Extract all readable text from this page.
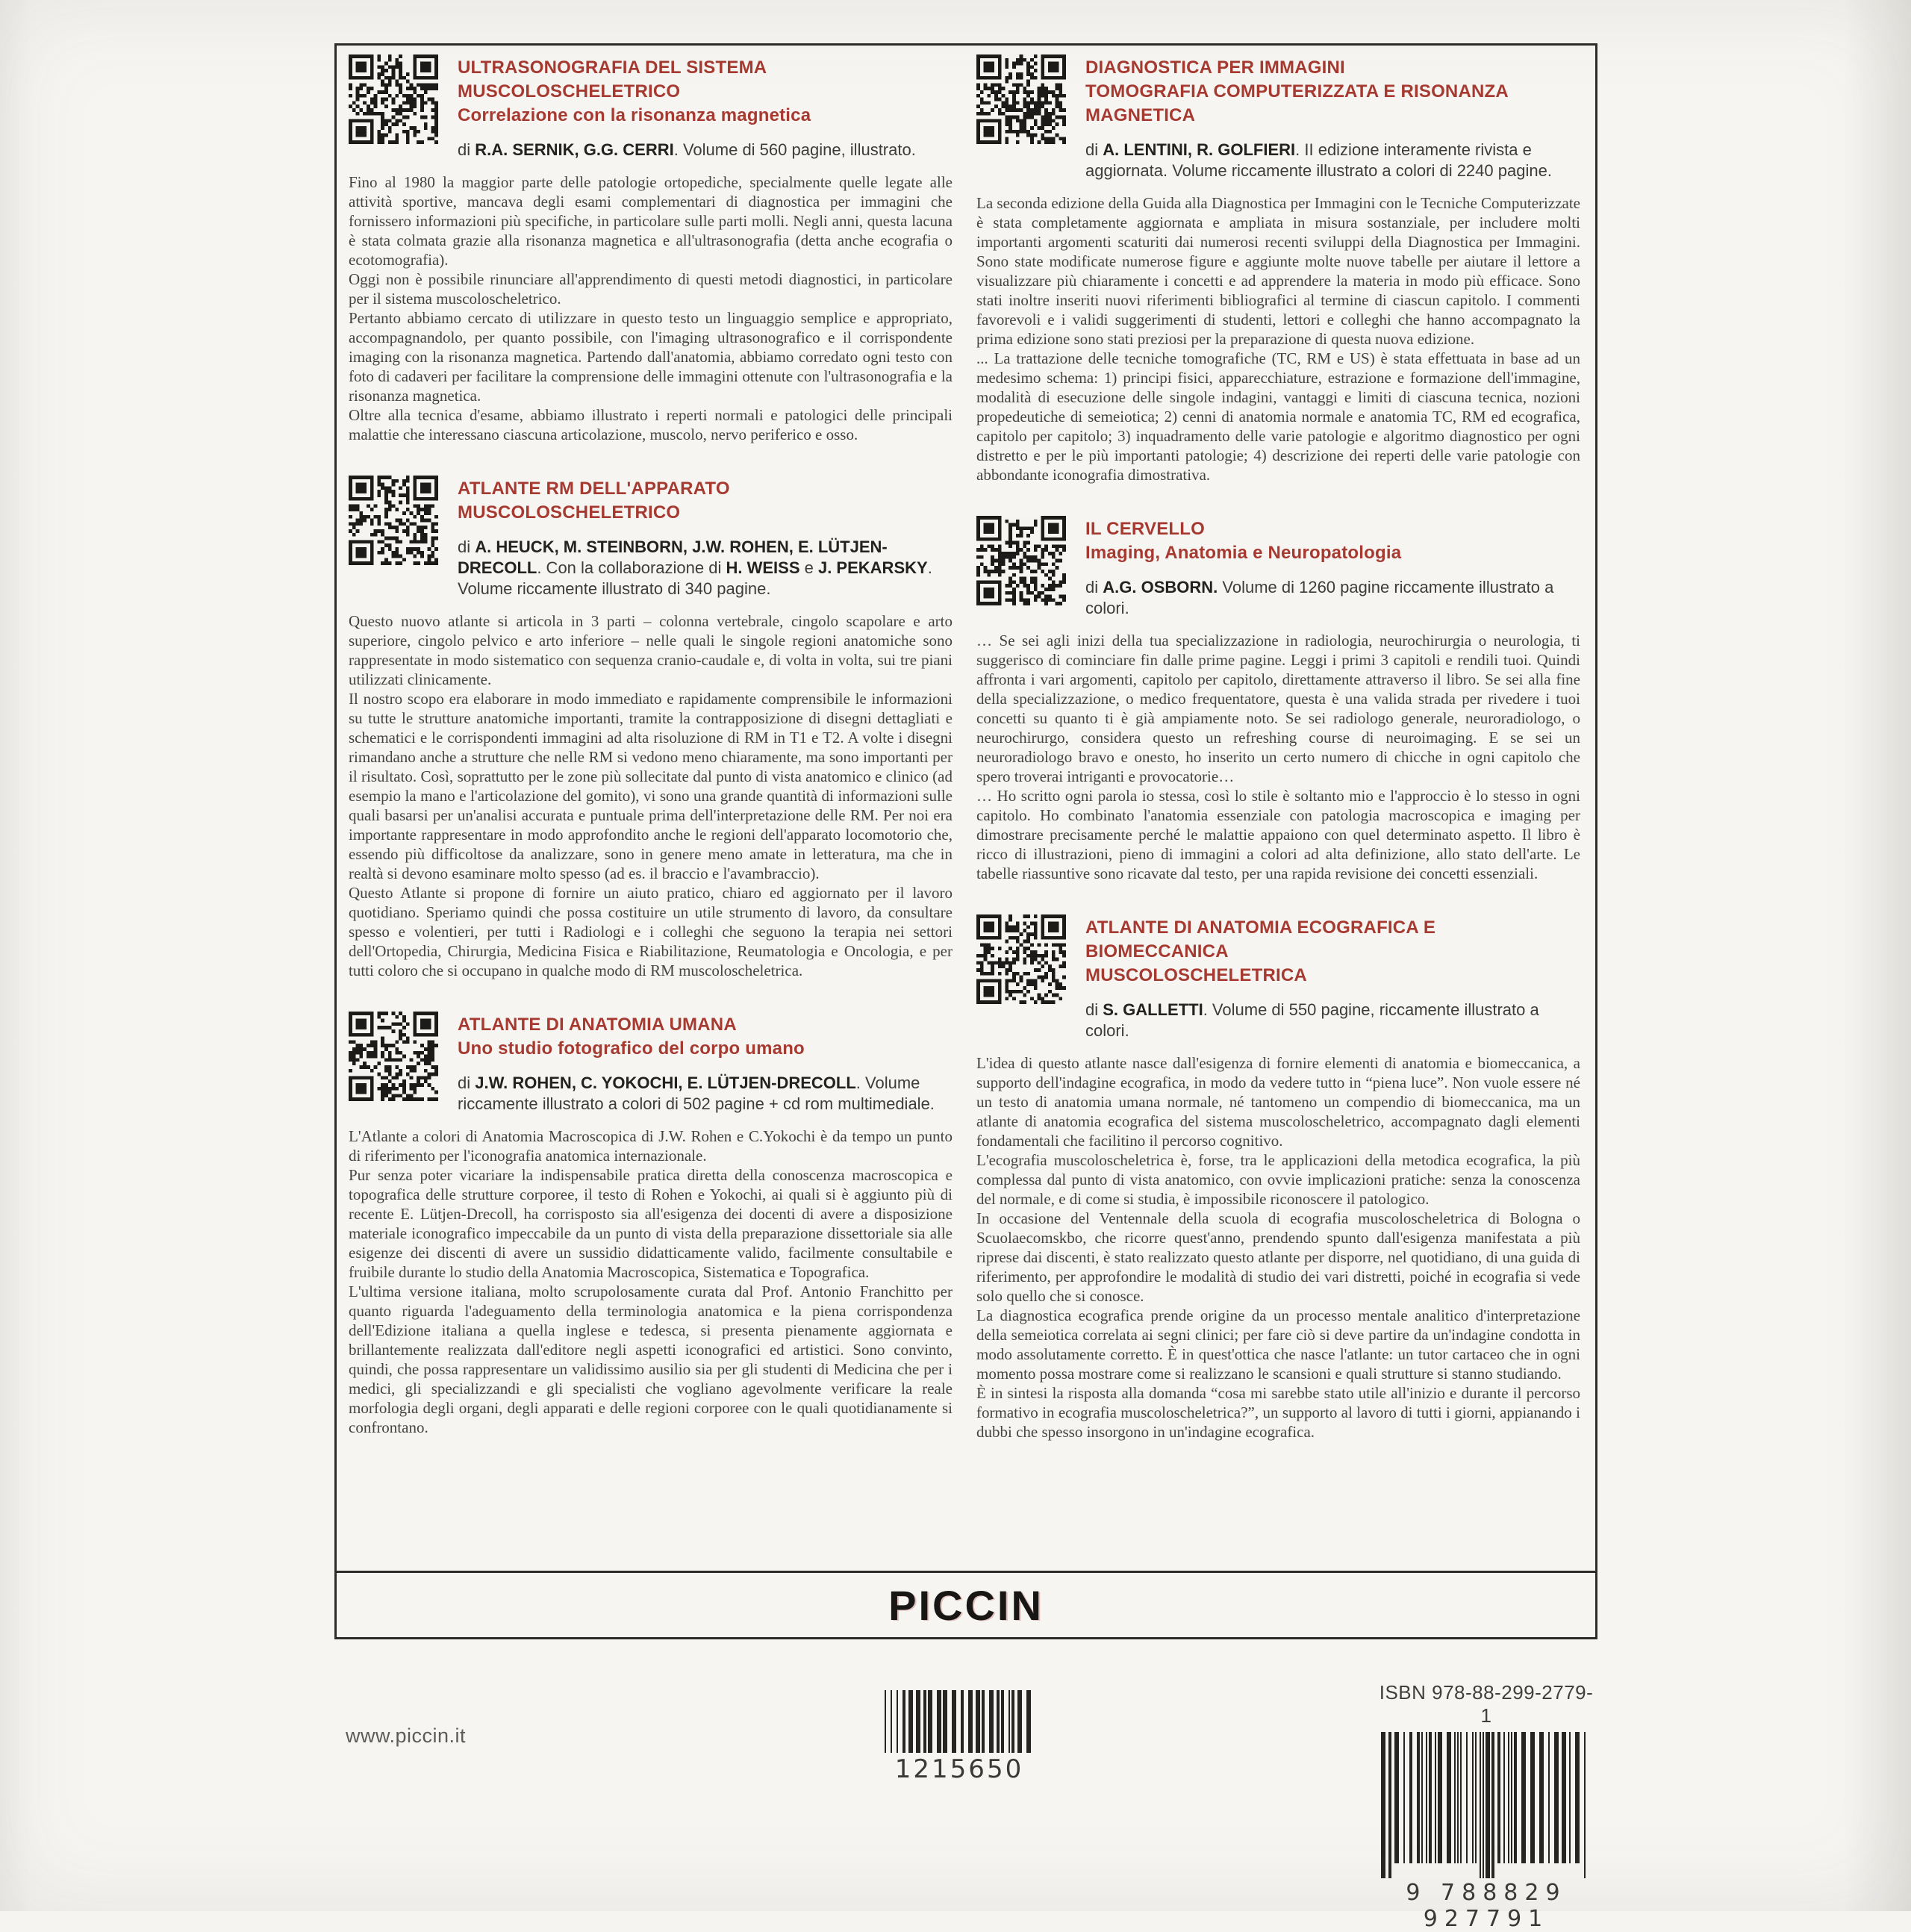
ULTRASONOGRAFIA DEL SISTEMA MUSCOLOSCHELETRICO
Correlazione con la risonanza magnetica
di R.A. SERNIK, G.G. CERRI. Volume di 560 pagine, illustrato.

Fino al 1980 la maggior parte delle patologie ortopediche, specialmente quelle legate alle attività sportive, mancava degli esami complementari di diagnostica per immagini che fornissero informazioni più specifiche, in particolare sulle parti molli. Negli anni, questa lacuna è stata colmata grazie alla risonanza magnetica e all'ultrasonografia (detta anche ecografia o ecotomografia).

Oggi non è possibile rinunciare all'apprendimento di questi metodi diagnostici, in particolare per il sistema muscoloscheletrico.

Pertanto abbiamo cercato di utilizzare in questo testo un linguaggio semplice e appropriato, accompagnandolo, per quanto possibile, con l'imaging ultrasonografico e il corrispondente imaging con la risonanza magnetica. Partendo dall'anatomia, abbiamo corredato ogni testo con foto di cadaveri per facilitare la comprensione delle immagini ottenute con l'ultrasonografia e la risonanza magnetica.

Oltre alla tecnica d'esame, abbiamo illustrato i reperti normali e patologici delle principali malattie che interessano ciascuna articolazione, muscolo, nervo periferico e osso.

ATLANTE RM DELL'APPARATO MUSCOLOSCHELETRICO
di A. HEUCK, M. STEINBORN, J.W. ROHEN, E. LÜTJEN-DRECOLL. Con la collaborazione di H. WEISS e J. PEKARSKY. Volume riccamente illustrato di 340 pagine.

Questo nuovo atlante si articola in 3 parti – colonna vertebrale, cingolo scapolare e arto superiore, cingolo pelvico e arto inferiore – nelle quali le singole regioni anatomiche sono rappresentate in modo sistematico con sequenza cranio-caudale e, di volta in volta, sui tre piani utilizzati clinicamente.

Il nostro scopo era elaborare in modo immediato e rapidamente comprensibile le informazioni su tutte le strutture anatomiche importanti, tramite la contrapposizione di disegni dettagliati e schematici e le corrispondenti immagini ad alta risoluzione di RM in T1 e T2. A volte i disegni rimandano anche a strutture che nelle RM si vedono meno chiaramente, ma sono importanti per il risultato. Così, soprattutto per le zone più sollecitate dal punto di vista anatomico e clinico (ad esempio la mano e l'articolazione del gomito), vi sono una grande quantità di informazioni sulle quali basarsi per un'analisi accurata e puntuale prima dell'interpretazione delle RM. Per noi era importante rappresentare in modo approfondito anche le regioni dell'apparato locomotorio che, essendo più difficoltose da analizzare, sono in genere meno amate in letteratura, ma che in realtà si devono esaminare molto spesso (ad es. il braccio e l'avambraccio).

Questo Atlante si propone di fornire un aiuto pratico, chiaro ed aggiornato per il lavoro quotidiano. Speriamo quindi che possa costituire un utile strumento di lavoro, da consultare spesso e volentieri, per tutti i Radiologi e i colleghi che seguono la terapia nei settori dell'Ortopedia, Chirurgia, Medicina Fisica e Riabilitazione, Reumatologia e Oncologia, e per tutti coloro che si occupano in qualche modo di RM muscoloscheletrica.

ATLANTE DI ANATOMIA UMANA
Uno studio fotografico del corpo umano
di J.W. ROHEN, C. YOKOCHI, E. LÜTJEN-DRECOLL. Volume riccamente illustrato a colori di 502 pagine + cd rom multimediale.

L'Atlante a colori di Anatomia Macroscopica di J.W. Rohen e C.Yokochi è da tempo un punto di riferimento per l'iconografia anatomica internazionale.

Pur senza poter vicariare la indispensabile pratica diretta della conoscenza macroscopica e topografica delle strutture corporee, il testo di Rohen e Yokochi, ai quali si è aggiunto più di recente E. Lütjen-Drecoll, ha corrisposto sia all'esigenza dei docenti di avere a disposizione materiale iconografico impeccabile da un punto di vista della preparazione dissettoriale sia alle esigenze dei discenti di avere un sussidio didatticamente valido, facilmente consultabile e fruibile durante lo studio della Anatomia Macroscopica, Sistematica e Topografica.

L'ultima versione italiana, molto scrupolosamente curata dal Prof. Antonio Franchitto per quanto riguarda l'adeguamento della terminologia anatomica e la piena corrispondenza dell'Edizione italiana a quella inglese e tedesca, si presenta pienamente aggiornata e brillantemente realizzata dall'editore negli aspetti iconografici ed artistici. Sono convinto, quindi, che possa rappresentare un validissimo ausilio sia per gli studenti di Medicina che per i medici, gli specializzandi e gli specialisti che vogliano agevolmente verificare la reale morfologia degli organi, degli apparati e delle regioni corporee con le quali quotidianamente si confrontano.

DIAGNOSTICA PER IMMAGINI
TOMOGRAFIA COMPUTERIZZATA E RISONANZA MAGNETICA
di A. LENTINI, R. GOLFIERI. II edizione interamente rivista e aggiornata. Volume riccamente illustrato a colori di 2240 pagine.

La seconda edizione della Guida alla Diagnostica per Immagini con le Tecniche Computerizzate è stata completamente aggiornata e ampliata in misura sostanziale, per includere molti importanti argomenti scaturiti dai numerosi recenti sviluppi della Diagnostica per Immagini. Sono state modificate numerose figure e aggiunte molte nuove tabelle per aiutare il lettore a visualizzare più chiaramente i concetti e ad apprendere la materia in modo più efficace. Sono stati inoltre inseriti nuovi riferimenti bibliografici al termine di ciascun capitolo. I commenti favorevoli e i validi suggerimenti di studenti, lettori e colleghi che hanno accompagnato la prima edizione sono stati preziosi per la preparazione di questa nuova edizione.

... La trattazione delle tecniche tomografiche (TC, RM e US) è stata effettuata in base ad un medesimo schema: 1) principi fisici, apparecchiature, estrazione e formazione dell'immagine, modalità di esecuzione delle singole indagini, vantaggi e limiti di ciascuna tecnica, nozioni propedeutiche di semeiotica; 2) cenni di anatomia normale e anatomia TC, RM ed ecografica, capitolo per capitolo; 3) inquadramento delle varie patologie e algoritmo diagnostico per ogni distretto e per le più importanti patologie; 4) descrizione dei reperti delle varie patologie con abbondante iconografia dimostrativa.

IL CERVELLO
Imaging, Anatomia e Neuropatologia
di A.G. OSBORN. Volume di 1260 pagine riccamente illustrato a colori.

… Se sei agli inizi della tua specializzazione in radiologia, neurochirurgia o neurologia, ti suggerisco di cominciare fin dalle prime pagine. Leggi i primi 3 capitoli e rendili tuoi. Quindi affronta i vari argomenti, capitolo per capitolo, direttamente attraverso il libro. Se sei alla fine della specializzazione, o medico frequentatore, questa è una valida strada per rivedere i tuoi concetti su quanto ti è già ampiamente noto. Se sei radiologo generale, neuroradiologo, o neurochirurgo, considera questo un refreshing course di neuroimaging. E se sei un neuroradiologo bravo e onesto, ho inserito un certo numero di chicche in ogni capitolo che spero troverai intriganti e provocatorie…

… Ho scritto ogni parola io stessa, così lo stile è soltanto mio e l'approccio è lo stesso in ogni capitolo. Ho combinato l'anatomia essenziale con patologia macroscopica e imaging per dimostrare precisamente perché le malattie appaiono con quel determinato aspetto. Il libro è ricco di illustrazioni, pieno di immagini a colori ad alta definizione, allo stato dell'arte. Le tabelle riassuntive sono ricavate dal testo, per una rapida revisione dei concetti essenziali.

ATLANTE DI ANATOMIA ECOGRAFICA E BIOMECCANICA
MUSCOLOSCHELETRICA
di S. GALLETTI. Volume di 550 pagine, riccamente illustrato a colori.

L'idea di questo atlante nasce dall'esigenza di fornire elementi di anatomia e biomeccanica, a supporto dell'indagine ecografica, in modo da vedere tutto in “piena luce”. Non vuole essere né un testo di anatomia umana normale, né tantomeno un compendio di biomeccanica, ma un atlante di anatomia ecografica del sistema muscoloscheletrico, accompagnato dagli elementi fondamentali che facilitino il percorso cognitivo.

L'ecografia muscoloscheletrica è, forse, tra le applicazioni della metodica ecografica, la più complessa dal punto di vista anatomico, con ovvie implicazioni pratiche: senza la conoscenza del normale, e di come si studia, è impossibile riconoscere il patologico.

In occasione del Ventennale della scuola di ecografia muscoloscheletrica di Bologna o Scuolaecomskbo, che ricorre quest'anno, prendendo spunto dall'esigenza manifestata a più riprese dai discenti, è stato realizzato questo atlante per disporre, nel quotidiano, di una guida di riferimento, per approfondire le modalità di studio dei vari distretti, poiché in ecografia si vede solo quello che si conosce.

La diagnostica ecografica prende origine da un processo mentale analitico d'interpretazione della semeiotica correlata ai segni clinici; per fare ciò si deve partire da un'indagine condotta in modo assolutamente corretto. È in quest'ottica che nasce l'atlante: un tutor cartaceo che in ogni momento possa mostrare come si realizzano le scansioni e quali strutture si stanno studiando.

È in sintesi la risposta alla domanda “cosa mi sarebbe stato utile all'inizio e durante il percorso formativo in ecografia muscoloscheletrica?”, un supporto al lavoro di tutti i giorni, appianando i dubbi che spesso insorgono in un'indagine ecografica.

PICCIN
www.piccin.it
1215650
ISBN 978-88-299-2779-1
9 788829 927791
